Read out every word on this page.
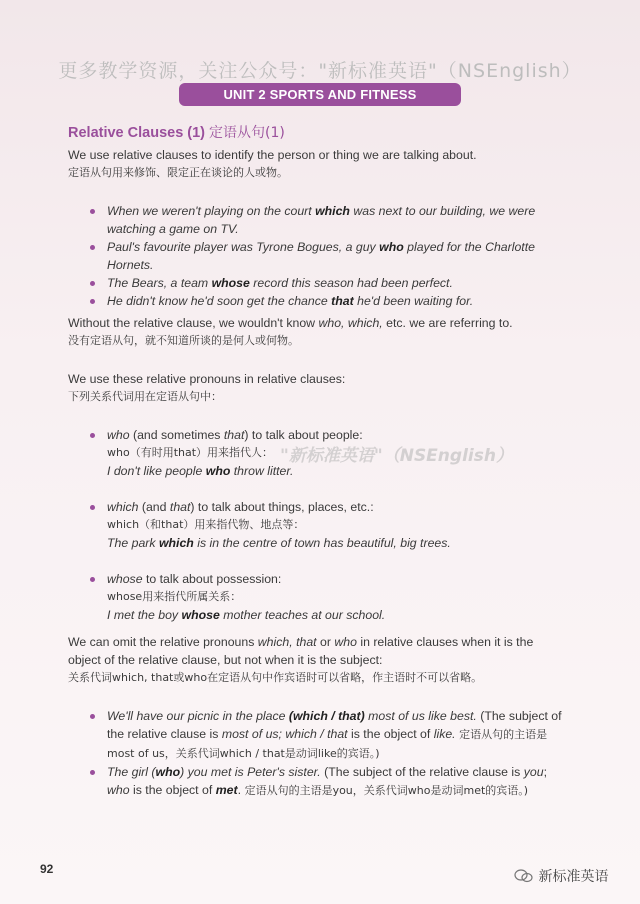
更多教学资源，关注公众号："新标准英语"（NSEnglish）
UNIT 2 SPORTS AND FITNESS
"新标准英语"（NSEnglish）
Relative Clauses (1) 定语从句(1)

We use relative clauses to identify the person or thing we are talking about.

定语从句用来修饰、限定正在谈论的人或物。

When we weren't playing on the court which was next to our building, we were watching a game on TV.
Paul's favourite player was Tyrone Bogues, a guy who played for the Charlotte Hornets.
The Bears, a team whose record this season had been perfect.
He didn't know he'd soon get the chance that he'd been waiting for.

Without the relative clause, we wouldn't know who, which, etc. we are referring to.

没有定语从句，就不知道所谈的是何人或何物。

We use these relative pronouns in relative clauses:

下列关系代词用在定语从句中：

who (and sometimes that) to talk about people:
who（有时用that）用来指代人：
I don't like people who throw litter.
which (and that) to talk about things, places, etc.:
which（和that）用来指代物、地点等：
The park which is in the centre of town has beautiful, big trees.
whose to talk about possession:
whose用来指代所属关系：
I met the boy whose mother teaches at our school.

We can omit the relative pronouns which, that or who in relative clauses when it is the object of the relative clause, but not when it is the subject:

关系代词which, that或who在定语从句中作宾语时可以省略，作主语时不可以省略。

We'll have our picnic in the place (which / that) most of us like best. (The subject of the relative clause is most of us; which / that is the object of like. 定语从句的主语是most of us，关系代词which / that是动词like的宾语。)
The girl (who) you met is Peter's sister. (The subject of the relative clause is you; who is the object of met. 定语从句的主语是you，关系代词who是动词met的宾语。)
92	新标准英语
